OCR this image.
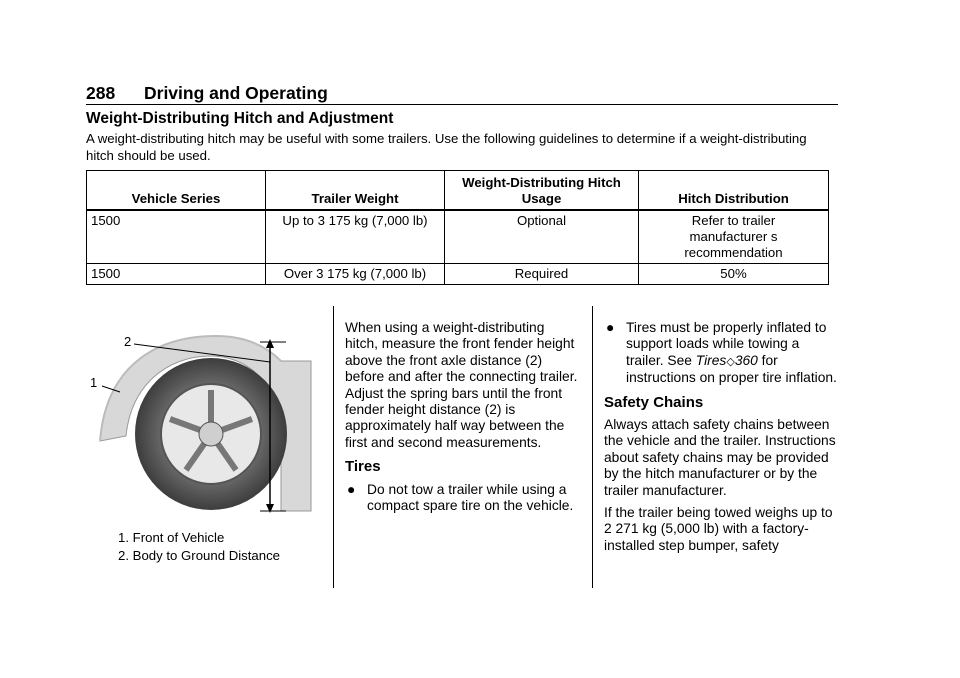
288 Driving and Operating
Weight-Distributing Hitch and Adjustment
A weight-distributing hitch may be useful with some trailers. Use the following guidelines to determine if a weight-distributing hitch should be used.
Vehicle Series	Trailer Weight	Weight-Distributing Hitch Usage	Hitch Distribution
1500	Up to 3 175 kg (7,000 lb)	Optional	Refer to trailer manufacturer s recommendation
1500	Over 3 175 kg (7,000 lb)	Required	50%
2
1
1. Front of Vehicle
2. Body to Ground Distance

When using a weight-distributing hitch, measure the front fender height above the front axle distance (2) before and after the connecting trailer. Adjust the spring bars until the front fender height distance (2) is approximately half way between the first and second measurements.

Tires
● Do not tow a trailer while using a compact spare tire on the vehicle.
● Tires must be properly inflated to support loads while towing a trailer. See Tires◇360 for instructions on proper tire inflation.
Safety Chains

Always attach safety chains between the vehicle and the trailer. Instructions about safety chains may be provided by the hitch manufacturer or by the trailer manufacturer.

If the trailer being towed weighs up to 2 271 kg (5,000 lb) with a factory-installed step bumper, safety
